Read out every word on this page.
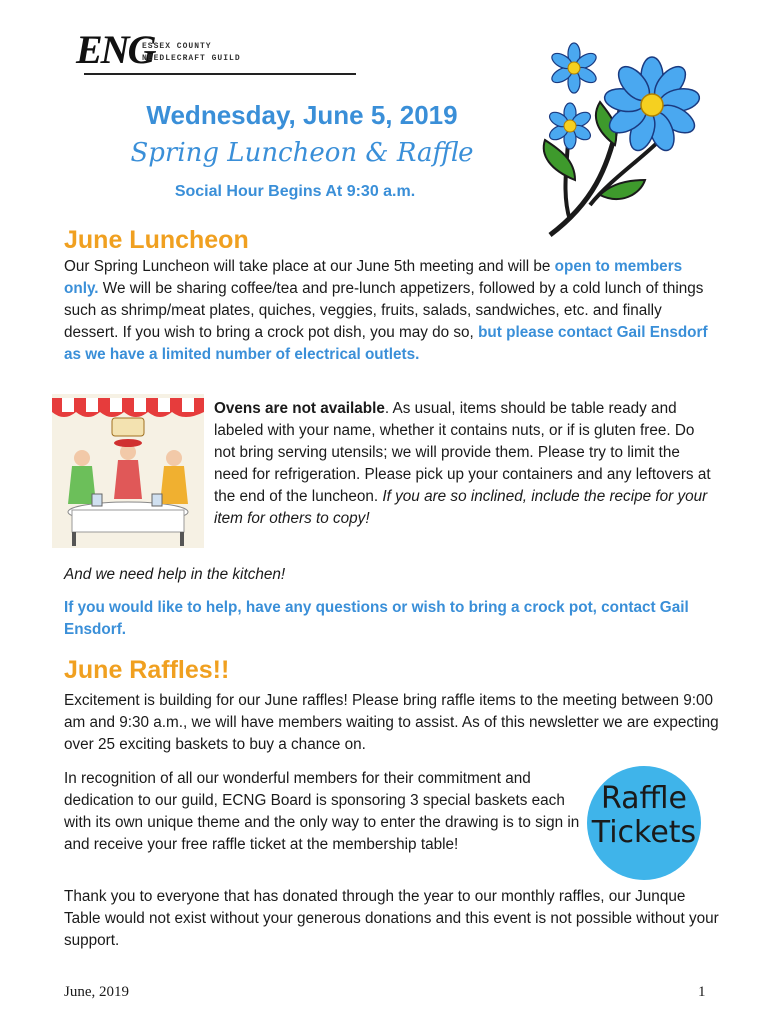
ENG
ESSEX COUNTY
NEEDLECRAFT GUILD
Wednesday, June 5, 2019
Spring Luncheon & Raffle
Social Hour Begins At 9:30 a.m.
June Luncheon
Our Spring Luncheon will take place at our June 5th meeting and will be open to members only. We will be sharing coffee/tea and pre-lunch appetizers, followed by a cold lunch of things such as shrimp/meat plates, quiches, veggies, fruits, salads, sandwiches, etc. and finally dessert. If you wish to bring a crock pot dish, you may do so, but please contact Gail Ensdorf as we have a limited number of electrical outlets.
Ovens are not available. As usual, items should be table ready and labeled with your name, whether it contains nuts, or if is gluten free. Do not bring serving utensils; we will provide them. Please try to limit the need for refrigeration. Please pick up your containers and any leftovers at the end of the luncheon. If you are so inclined, include the recipe for your item for others to copy!
And we need help in the kitchen!
If you would like to help, have any questions or wish to bring a crock pot, contact Gail Ensdorf.
June Raffles!!
Excitement is building for our June raffles! Please bring raffle items to the meeting between 9:00 am and 9:30 a.m., we will have members waiting to assist. As of this newsletter we are expecting over 25 exciting baskets to buy a chance on.
In recognition of all our wonderful members for their commitment and dedication to our guild, ECNG Board is sponsoring 3 special baskets each with its own unique theme and the only way to enter the drawing is to sign in and receive your free raffle ticket at the membership table!
Raffle
Tickets
Thank you to everyone that has donated through the year to our monthly raffles, our Junque Table would not exist without your generous donations and this event is not possible without your support.
June, 2019	1
